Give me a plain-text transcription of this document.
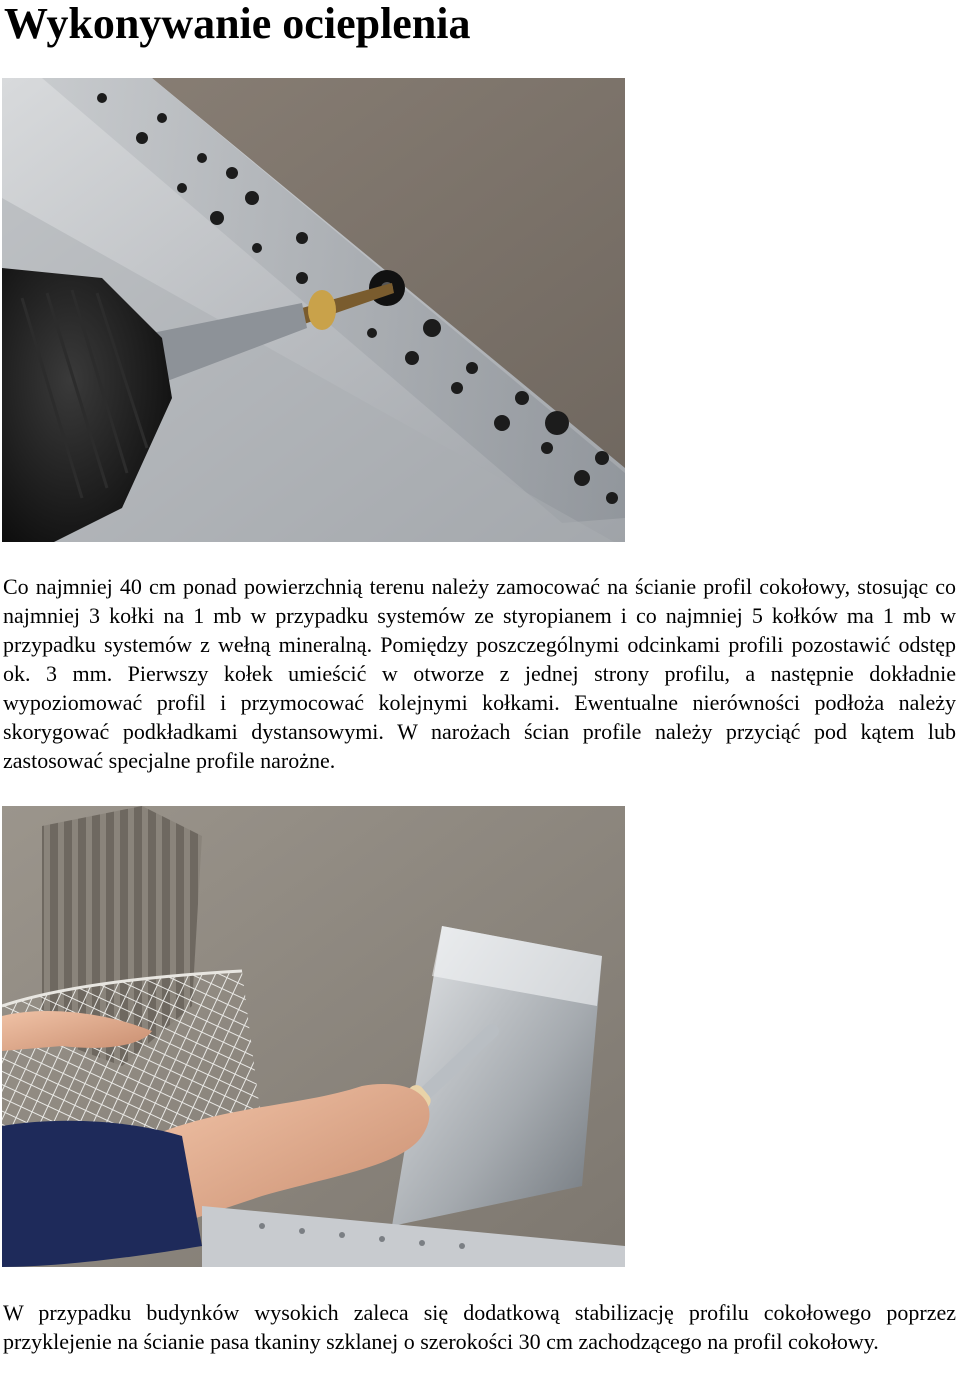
Wykonywanie ocieplenia

Co najmniej 40 cm ponad powierzchnią terenu należy zamocować na ścianie profil cokołowy, stosując co najmniej 3 kołki na 1 mb w przypadku systemów ze styropianem i co najmniej 5 kołków ma 1 mb w przypadku systemów z wełną mineralną. Pomiędzy poszczególnymi odcinkami profili pozostawić odstęp ok. 3 mm. Pierwszy kołek umieścić w otworze z jednej strony profilu, a następnie dokładnie wypoziomować profil i przymocować kolejnymi kołkami. Ewentualne nierówności podłoża należy skorygować podkładkami dystansowymi. W narożach ścian profile należy przyciąć pod kątem lub zastosować specjalne profile narożne.

W przypadku budynków wysokich zaleca się dodatkową stabilizację profilu cokołowego poprzez przyklejenie na ścianie pasa tkaniny szklanej o szerokości 30 cm zachodzącego na profil cokołowy.
